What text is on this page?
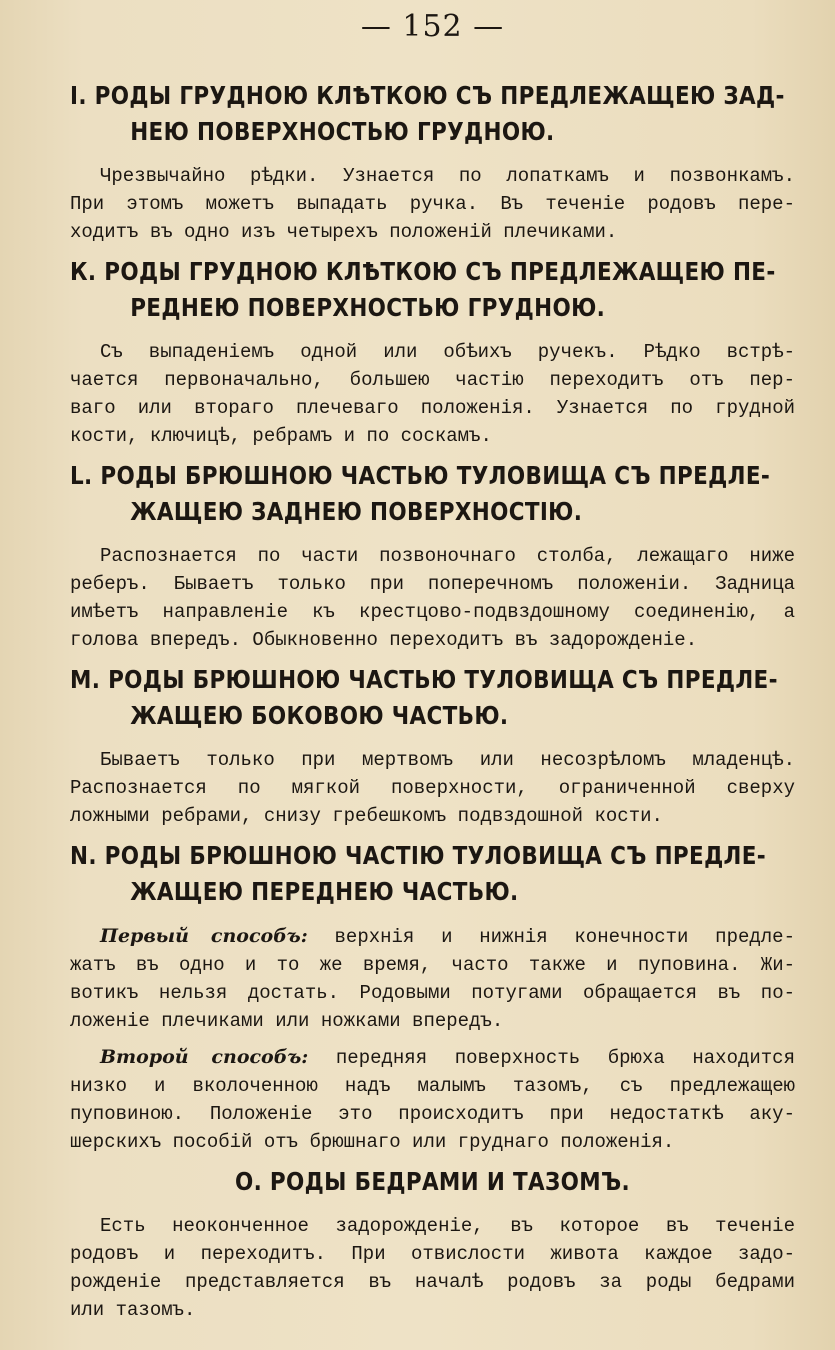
— 152 —
I. РОДЫ ГРУДНОЮ КЛѢТКОЮ СЪ ПРЕДЛЕЖАЩЕЮ ЗАД-
НЕЮ ПОВЕРХНОСТЬЮ ГРУДНОЮ.
Чрезвычайно рѣдки. Узнается по лопаткамъ и позвонкамъ.
При этомъ можетъ выпадать ручка. Въ теченіе родовъ пере-
ходитъ въ одно изъ четырехъ положеній плечиками.
К. РОДЫ ГРУДНОЮ КЛѢТКОЮ СЪ ПРЕДЛЕЖАЩЕЮ ПЕ-
РЕДНЕЮ ПОВЕРХНОСТЬЮ ГРУДНОЮ.
Съ выпаденіемъ одной или обѣихъ ручекъ. Рѣдко встрѣ-
чается первоначально, большею частію переходитъ отъ пер-
ваго или втораго плечеваго положенія. Узнается по грудной
кости, ключицѣ, ребрамъ и по соскамъ.
L. РОДЫ БРЮШНОЮ ЧАСТЬЮ ТУЛОВИЩА СЪ ПРЕДЛЕ-
ЖАЩЕЮ ЗАДНЕЮ ПОВЕРХНОСТІЮ.
Распознается по части позвоночнаго столба, лежащаго ниже
реберъ. Бываетъ только при поперечномъ положеніи. Задница
имѣетъ направленіе къ крестцово-подвздошному соединенію, а
голова впередъ. Обыкновенно переходитъ въ задорожденіе.
М. РОДЫ БРЮШНОЮ ЧАСТЬЮ ТУЛОВИЩА СЪ ПРЕДЛЕ-
ЖАЩЕЮ БОКОВОЮ ЧАСТЬЮ.
Бываетъ только при мертвомъ или несозрѣломъ младенцѣ.
Распознается по мягкой поверхности, ограниченной сверху
ложными ребрами, снизу гребешкомъ подвздошной кости.
N. РОДЫ БРЮШНОЮ ЧАСТІЮ ТУЛОВИЩА СЪ ПРЕДЛЕ-
ЖАЩЕЮ ПЕРЕДНЕЮ ЧАСТЬЮ.
Первый способъ: верхнія и нижнія конечности предле-
жатъ въ одно и то же время, часто также и пуповина. Жи-
вотикъ нельзя достать. Родовыми потугами обращается въ по-
ложеніе плечиками или ножками впередъ.
Второй способъ: передняя поверхность брюха находится
низко и вколоченною надъ малымъ тазомъ, съ предлежащею
пуповиною. Положеніе это происходитъ при недостаткѣ аку-
шерскихъ пособій отъ брюшнаго или груднаго положенія.
О. РОДЫ БЕДРАМИ И ТАЗОМЪ.
Есть неоконченное задорожденіе, въ которое въ теченіе
родовъ и переходитъ. При отвислости живота каждое задо-
рожденіе представляется въ началѣ родовъ за роды бедрами
или тазомъ.
